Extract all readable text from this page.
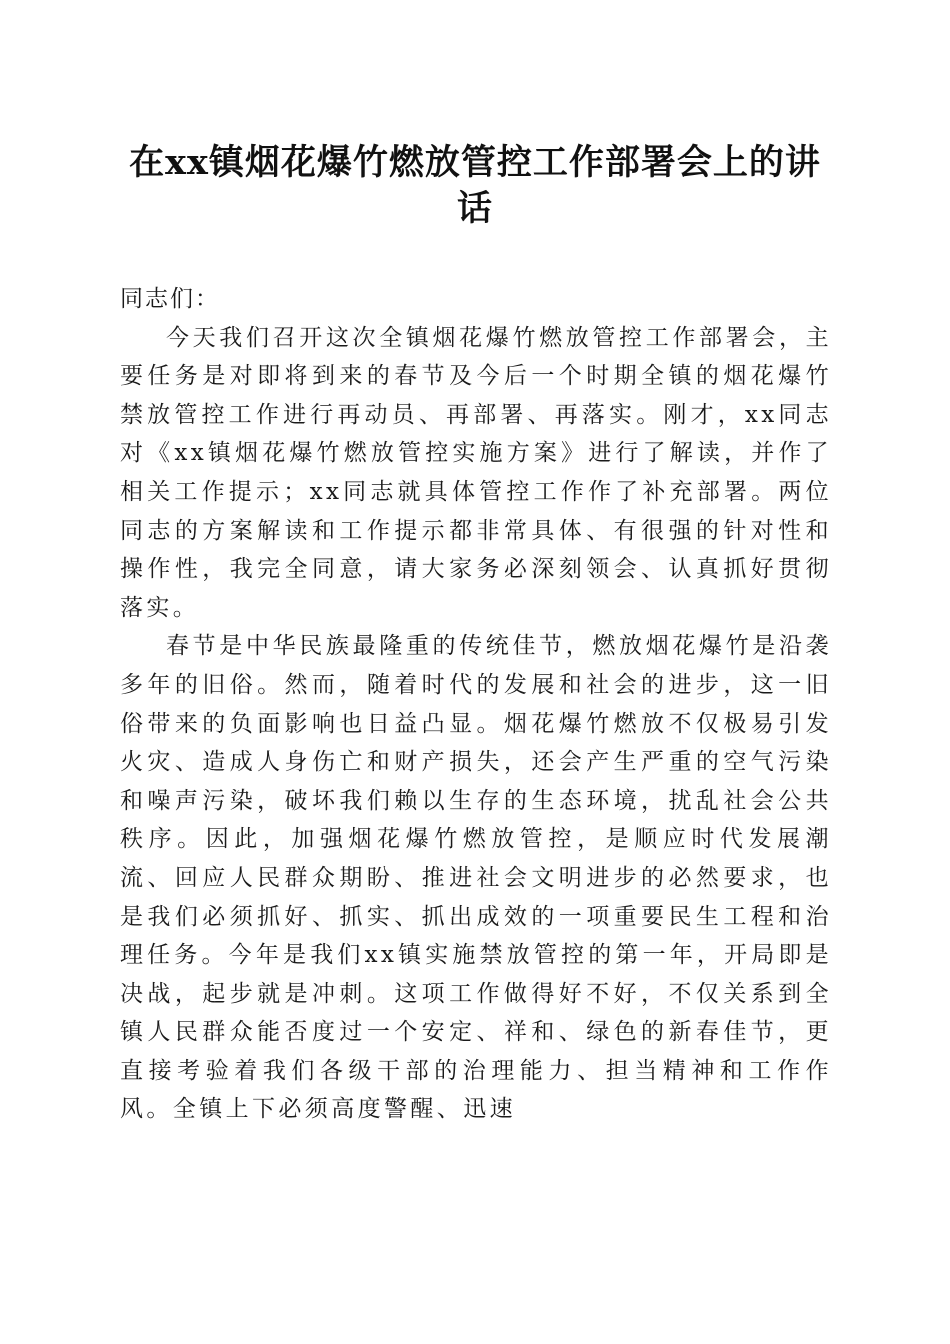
在xx镇烟花爆竹燃放管控工作部署会上的讲话

同志们：

今天我们召开这次全镇烟花爆竹燃放管控工作部署会，主要任务是对即将到来的春节及今后一个时期全镇的烟花爆竹禁放管控工作进行再动员、再部署、再落实。刚才，xx同志对《xx镇烟花爆竹燃放管控实施方案》进行了解读，并作了相关工作提示；xx同志就具体管控工作作了补充部署。两位同志的方案解读和工作提示都非常具体、有很强的针对性和操作性，我完全同意，请大家务必深刻领会、认真抓好贯彻落实。

春节是中华民族最隆重的传统佳节，燃放烟花爆竹是沿袭多年的旧俗。然而，随着时代的发展和社会的进步，这一旧俗带来的负面影响也日益凸显。烟花爆竹燃放不仅极易引发火灾、造成人身伤亡和财产损失，还会产生严重的空气污染和噪声污染，破坏我们赖以生存的生态环境，扰乱社会公共秩序。因此，加强烟花爆竹燃放管控，是顺应时代发展潮流、回应人民群众期盼、推进社会文明进步的必然要求，也是我们必须抓好、抓实、抓出成效的一项重要民生工程和治理任务。今年是我们xx镇实施禁放管控的第一年，开局即是决战，起步就是冲刺。这项工作做得好不好，不仅关系到全镇人民群众能否度过一个安定、祥和、绿色的新春佳节，更直接考验着我们各级干部的治理能力、担当精神和工作作风。全镇上下必须高度警醒、迅速
